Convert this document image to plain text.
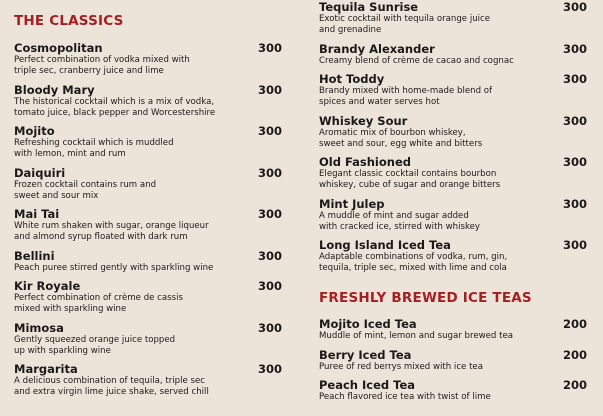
THE CLASSICS
Cosmopolitan	300
Perfect combination of vodka mixed with
triple sec, cranberry juice and lime
Bloody Mary	300
The historical cocktail which is a mix of vodka,
tomato juice, black pepper and Worcestershire
Mojito	300
Refreshing cocktail which is muddled
with lemon, mint and rum
Daiquiri	300
Frozen cocktail contains rum and
sweet and sour mix
Mai Tai	300
White rum shaken with sugar, orange liqueur
and almond syrup floated with dark rum
Bellini	300
Peach puree stirred gently with sparkling wine
Kir Royale	300
Perfect combination of crème de cassis
mixed with sparkling wine
Mimosa	300
Gently squeezed orange juice topped
up with sparkling wine
Margarita	300
A delicious combination of tequila, triple sec
and extra virgin lime juice shake, served chill
Tequila Sunrise	300
Exotic cocktail with tequila orange juice
and grenadine
Brandy Alexander	300
Creamy blend of crème de cacao and cognac
Hot Toddy	300
Brandy mixed with home-made blend of
spices and water serves hot
Whiskey Sour	300
Aromatic mix of bourbon whiskey,
sweet and sour, egg white and bitters
Old Fashioned	300
Elegant classic cocktail contains bourbon
whiskey, cube of sugar and orange bitters
Mint Julep	300
A muddle of mint and sugar added
with cracked ice, stirred with whiskey
Long Island Iced Tea	300
Adaptable combinations of vodka, rum, gin,
tequila, triple sec, mixed with lime and cola
FRESHLY BREWED ICE TEAS
Mojito Iced Tea	200
Muddle of mint, lemon and sugar brewed tea
Berry Iced Tea	200
Puree of red berrys mixed with ice tea
Peach Iced Tea	200
Peach flavored ice tea with twist of lime
